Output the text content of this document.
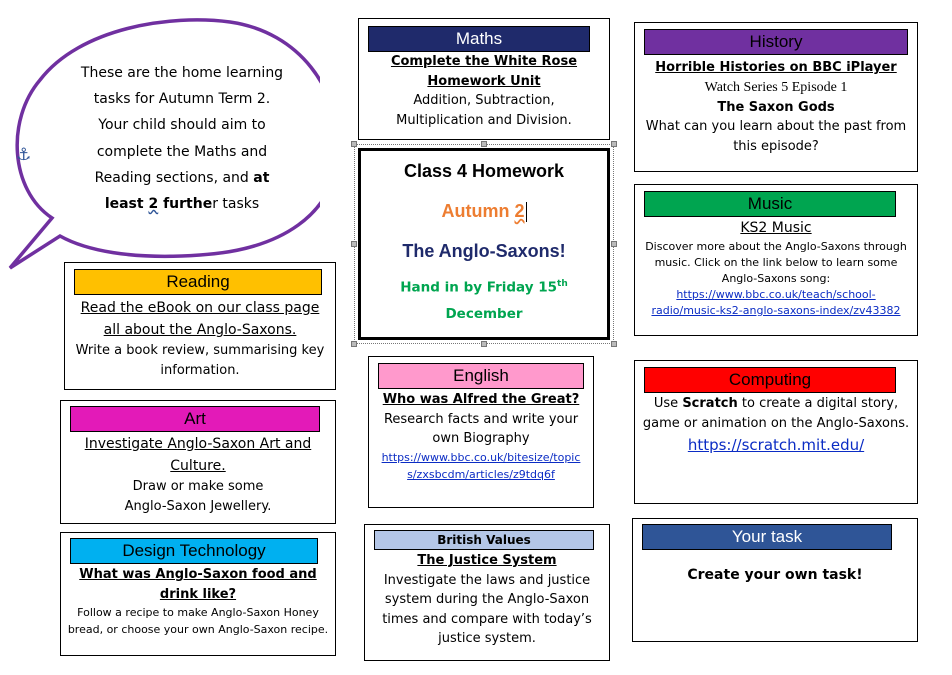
⚓
These are the home learning
tasks for Autumn Term 2.
Your child should aim to
complete the Maths and
Reading sections, and at
least 2 further tasks
Maths
Complete the White Rose
Homework Unit
Addition, Subtraction,
Multiplication and Division.
History
Horrible Histories on BBC iPlayer
Watch Series 5 Episode 1
The Saxon Gods
What can you learn about the past from
this episode?
Class 4 Homework
Autumn 2
The Anglo-Saxons!
Hand in by Friday 15th
December
Music
KS2 Music
Discover more about the Anglo-Saxons through
music. Click on the link below to learn some
Anglo-Saxons song:
https://www.bbc.co.uk/teach/school-
radio/music-ks2-anglo-saxons-index/zv43382
Reading
Read the eBook on our class page
all about the Anglo-Saxons.
Write a book review, summarising key
information.	English
Who was Alfred the Great?
Research facts and write your
own Biography
https://www.bbc.co.uk/bitesize/topic
s/zxsbcdm/articles/z9tdq6f
Computing
Use Scratch to create a digital story,
game or animation on the Anglo-Saxons.
https://scratch.mit.edu/
Art
Investigate Anglo-Saxon Art and
Culture.
Draw or make some
Anglo-Saxon Jewellery.
Design Technology
What was Anglo-Saxon food and
drink like?
Follow a recipe to make Anglo-Saxon Honey
bread, or choose your own Anglo-Saxon recipe.
British Values
The Justice System
Investigate the laws and justice
system during the Anglo-Saxon
times and compare with today’s
justice system.
Your task
Create your own task!
